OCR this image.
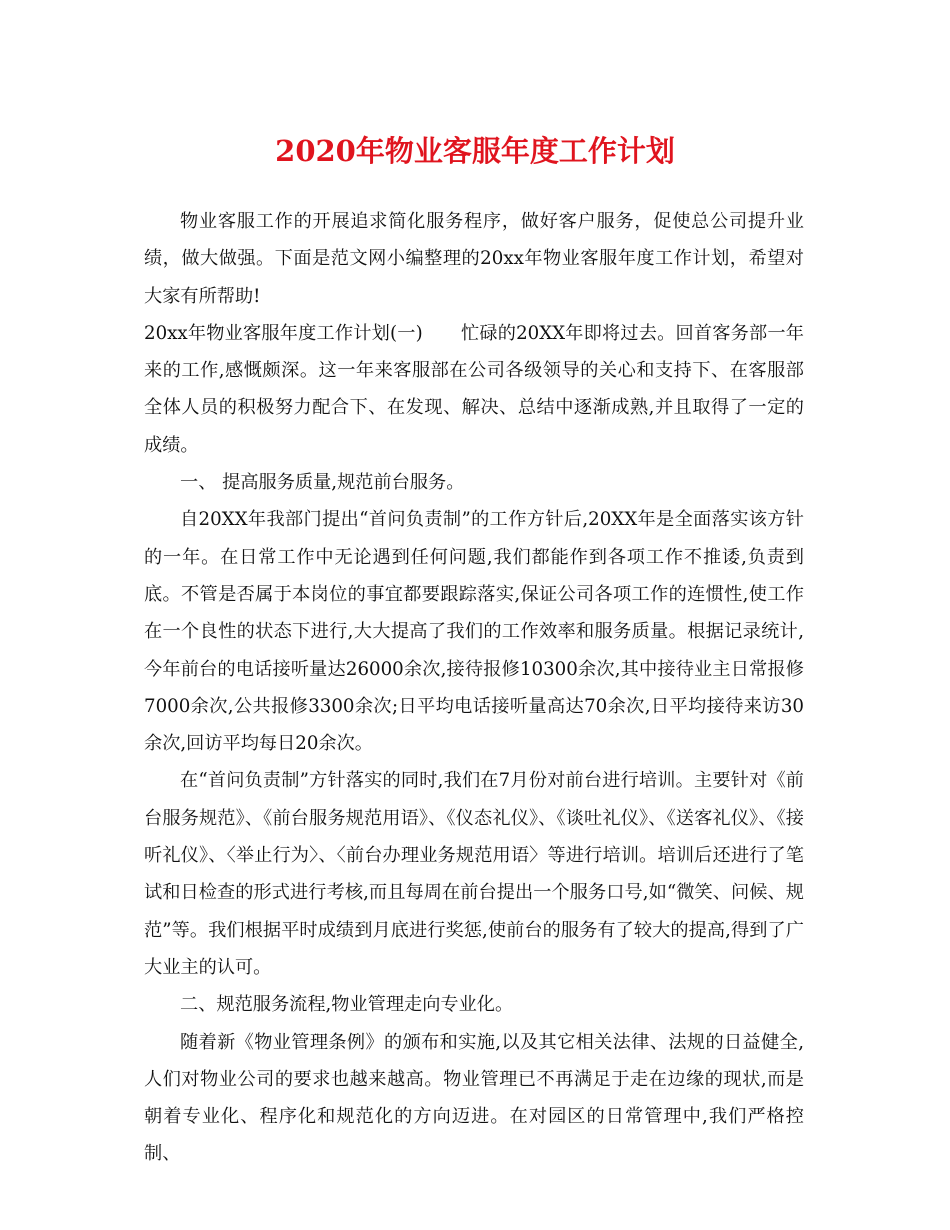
2020年物业客服年度工作计划

物业客服工作的开展追求简化服务程序，做好客户服务，促使总公司提升业绩，做大做强。下面是范文网小编整理的20xx年物业客服年度工作计划，希望对大家有所帮助!

20xx年物业客服年度工作计划(一) 忙碌的20XX年即将过去。回首客务部一年来的工作,感慨颇深。这一年来客服部在公司各级领导的关心和支持下、在客服部全体人员的积极努力配合下、在发现、解决、总结中逐渐成熟,并且取得了一定的成绩。

一、 提高服务质量,规范前台服务。

自20XX年我部门提出“首问负责制”的工作方针后,20XX年是全面落实该方针的一年。在日常工作中无论遇到任何问题,我们都能作到各项工作不推诿,负责到底。不管是否属于本岗位的事宜都要跟踪落实,保证公司各项工作的连惯性,使工作在一个良性的状态下进行,大大提高了我们的工作效率和服务质量。根据记录统计,今年前台的电话接听量达26000余次,接待报修10300余次,其中接待业主日常报修7000余次,公共报修3300余次;日平均电话接听量高达70余次,日平均接待来访30余次,回访平均每日20余次。

在“首问负责制”方针落实的同时,我们在7月份对前台进行培训。主要针对《前台服务规范》、《前台服务规范用语》、《仪态礼仪》、《谈吐礼仪》、《送客礼仪》、《接听礼仪》、〈举止行为〉、〈前台办理业务规范用语〉等进行培训。培训后还进行了笔试和日检查的形式进行考核,而且每周在前台提出一个服务口号,如“微笑、问候、规范”等。我们根据平时成绩到月底进行奖惩,使前台的服务有了较大的提高,得到了广大业主的认可。

二、规范服务流程,物业管理走向专业化。

随着新《物业管理条例》的颁布和实施,以及其它相关法律、法规的日益健全,人们对物业公司的要求也越来越高。物业管理已不再满足于走在边缘的现状,而是朝着专业化、程序化和规范化的方向迈进。在对园区的日常管理中,我们严格控制、
